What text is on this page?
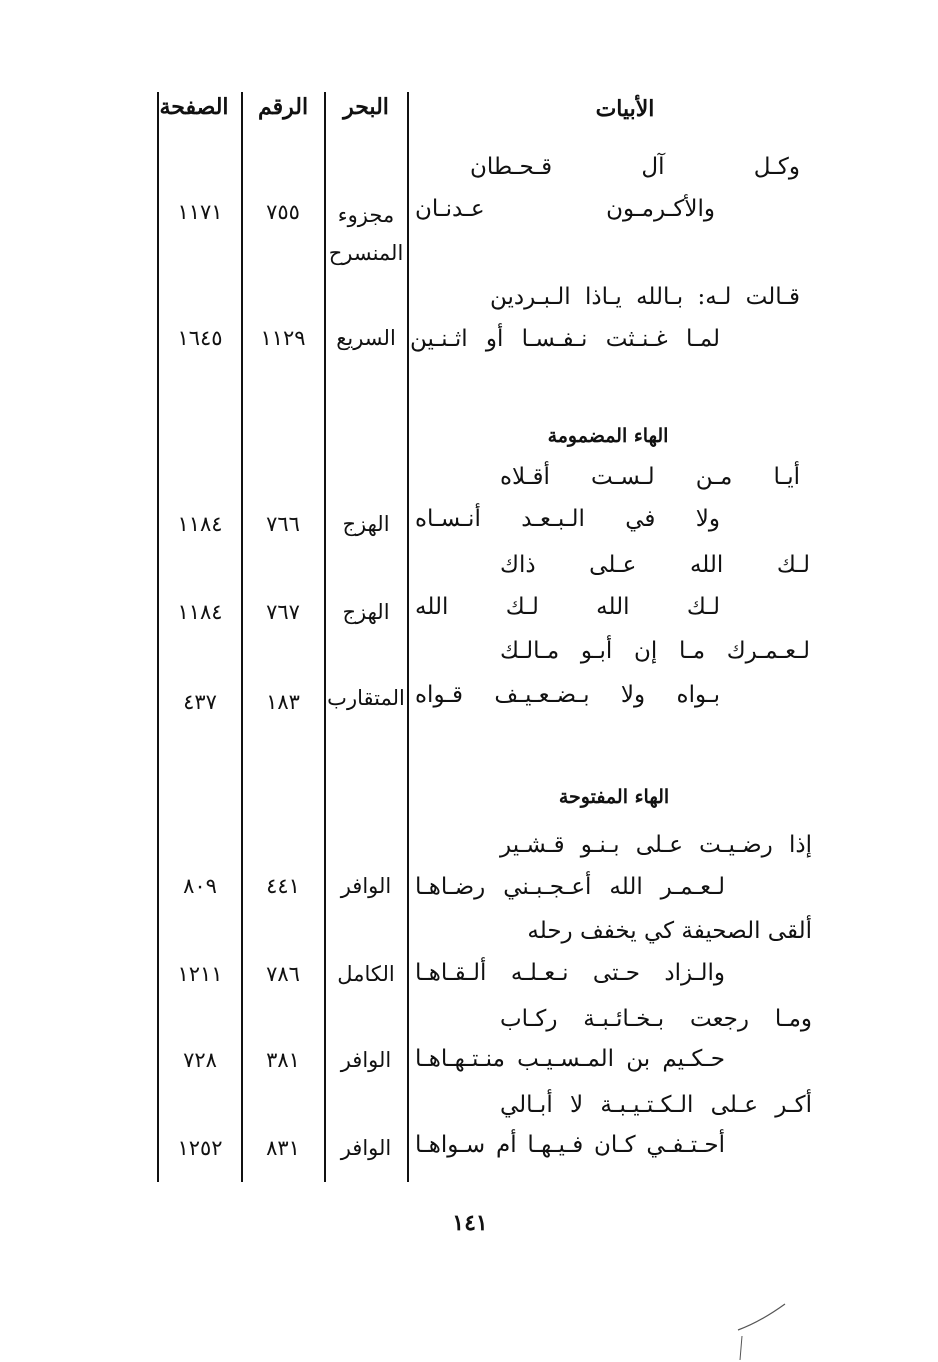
الأبيات
البحر
الرقم
الصفحة
وكـل آل قـحـطان
والأكـرمـون عـدنـان
مجزوء المنسرح
٧٥٥
١١٧١
قـالت لـه: بـالله يـاذا الـبـردين
لمـا غـنـثت نـفـسـا أو اثـنـين
السريع
١١٢٩
١٦٤٥
الهاء المضمومة
أيـا مـن لـسـت أقـلاه
ولا في الـبـعـد أنـسـاه
الهزج
٧٦٦
١١٨٤
لـك الله عـلى ذاك
لـك الله لـك الله
الهزج
٧٦٧
١١٨٤
لـعـمـرك مـا إن أبـو مـالـك
بـواه ولا بـضـعـيـف قـواه
المتقارب
١٨٣
٤٣٧
الهاء المفتوحة
إذا رضـيـت عـلى بـنـو قـشـير
لـعـمـر الله أعـجـبـني رضـاهـا
الوافر
٤٤١
٨٠٩
ألقى الصحيفة كي يخفف رحله
والـزاد حـتى نـعـلـه ألـقـاهـا
الكامل
٧٨٦
١٢١١
ومـا رجعت بـخـائـبـة ركـاب
حـكـيم بن المـسـيـب منـتـهـاهـا
الوافر
٣٨١
٧٢٨
أكـر عـلى الـكـتـيـبـة لا أبـالي
أحـتـفـي كـان فـيـهـا أم سـواهـا
الوافر
٨٣١
١٢٥٢
١٤١
